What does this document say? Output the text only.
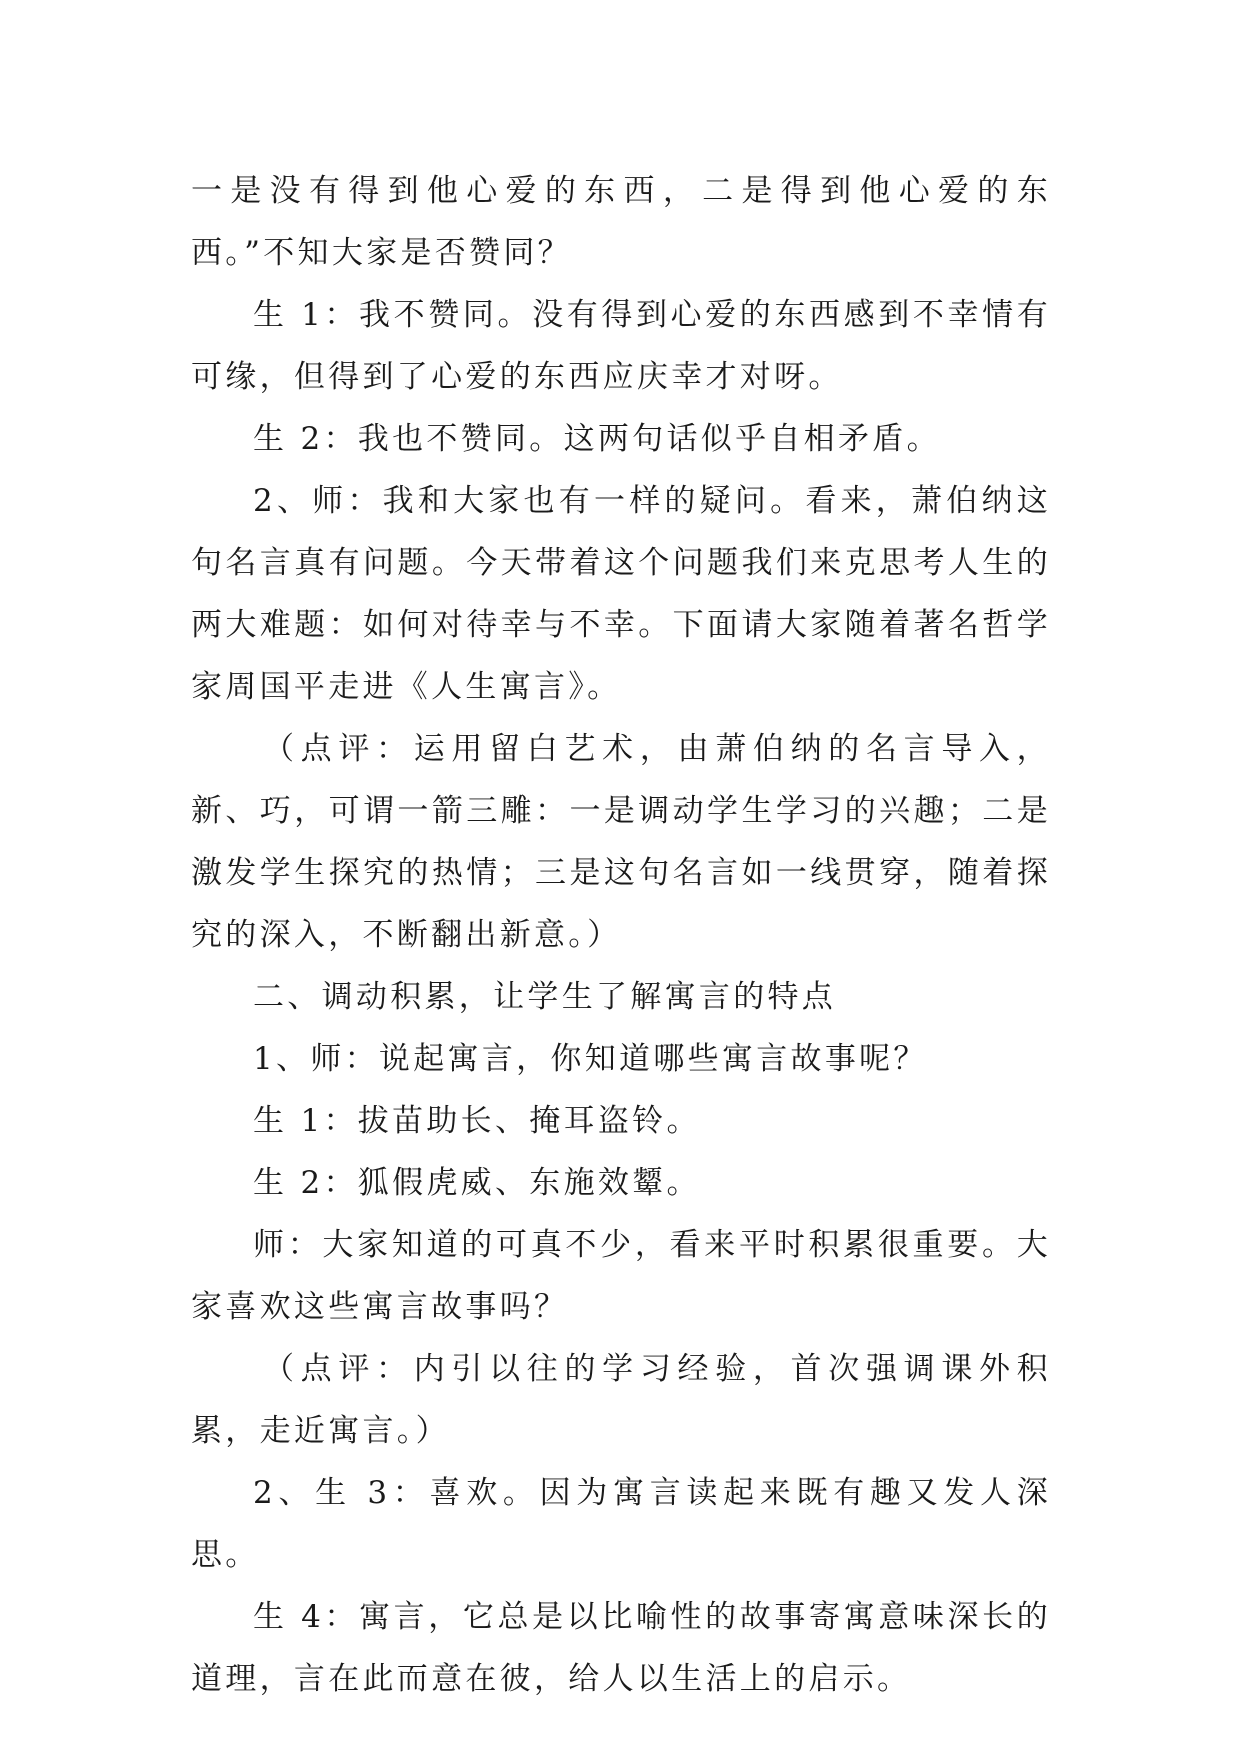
一是没有得到他心爱的东西，二是得到他心爱的东西。”不知大家是否赞同？

生 1：我不赞同。没有得到心爱的东西感到不幸情有可缘，但得到了心爱的东西应庆幸才对呀。

生 2：我也不赞同。这两句话似乎自相矛盾。

2、师：我和大家也有一样的疑问。看来，萧伯纳这句名言真有问题。今天带着这个问题我们来克思考人生的两大难题：如何对待幸与不幸。下面请大家随着著名哲学家周国平走进《人生寓言》。

（点评：运用留白艺术，由萧伯纳的名言导入，新、巧，可谓一箭三雕：一是调动学生学习的兴趣；二是激发学生探究的热情；三是这句名言如一线贯穿，随着探究的深入，不断翻出新意。）

二、调动积累，让学生了解寓言的特点

1、师：说起寓言，你知道哪些寓言故事呢？

生 1：拔苗助长、掩耳盗铃。

生 2：狐假虎威、东施效颦。

师：大家知道的可真不少，看来平时积累很重要。大家喜欢这些寓言故事吗？

（点评：内引以往的学习经验，首次强调课外积累，走近寓言。）

2、生 3：喜欢。因为寓言读起来既有趣又发人深思。

生 4：寓言，它总是以比喻性的故事寄寓意味深长的道理，言在此而意在彼，给人以生活上的启示。
